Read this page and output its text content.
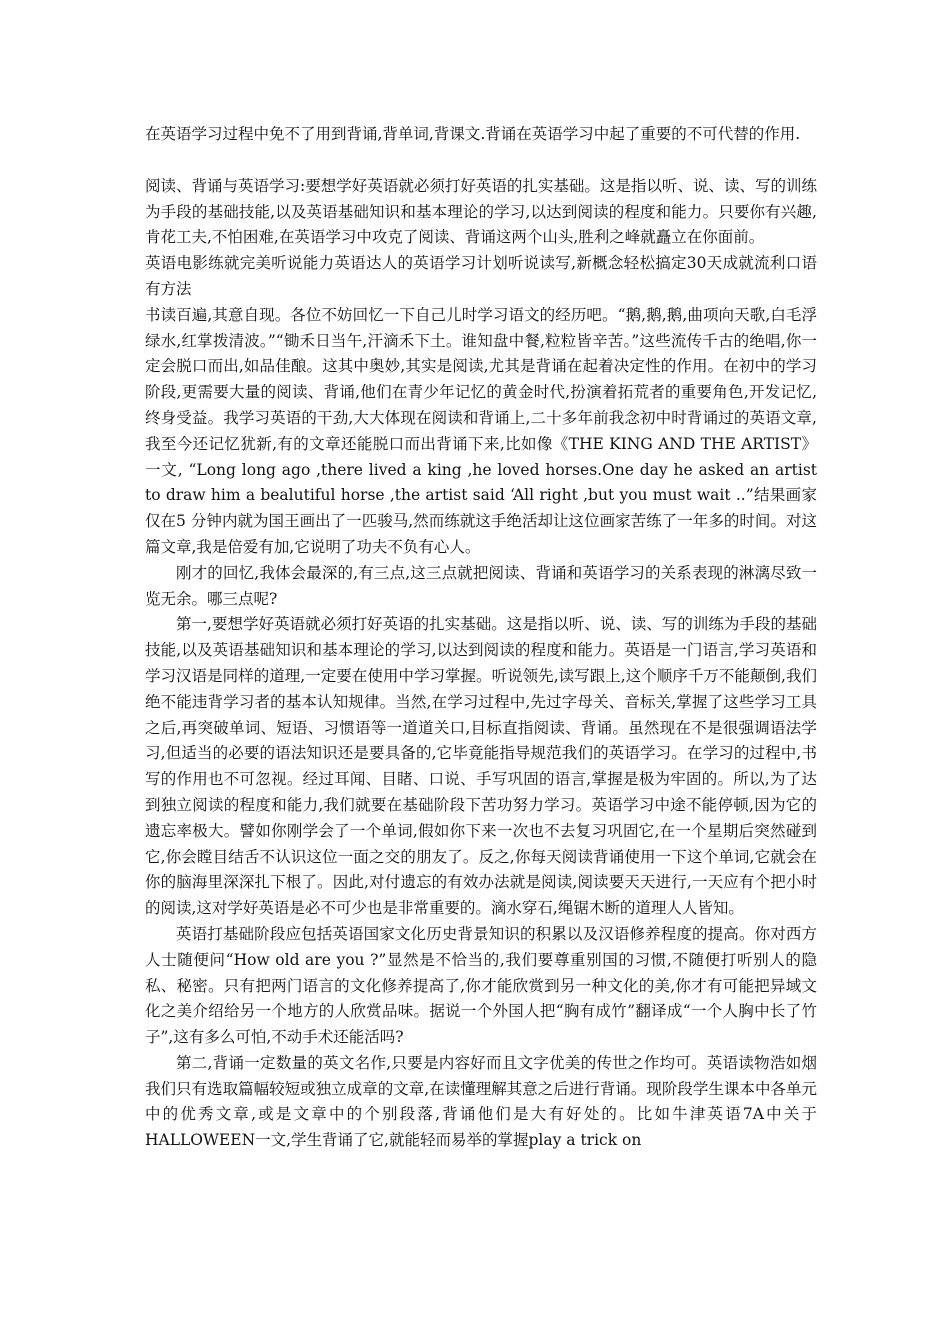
在英语学习过程中免不了用到背诵,背单词,背课文.背诵在英语学习中起了重要的不可代替的作用.

阅读、背诵与英语学习:要想学好英语就必须打好英语的扎实基础。这是指以听、说、读、写的训练为手段的基础技能,以及英语基础知识和基本理论的学习,以达到阅读的程度和能力。只要你有兴趣,肯花工夫,不怕困难,在英语学习中攻克了阅读、背诵这两个山头,胜利之峰就矗立在你面前。

英语电影练就完美听说能力英语达人的英语学习计划听说读写,新概念轻松搞定30天成就流利口语有方法

书读百遍,其意自现。各位不妨回忆一下自己儿时学习语文的经历吧。“鹅,鹅,鹅,曲项向天歌,白毛浮绿水,红掌拨清波。”“锄禾日当午,汗滴禾下土。谁知盘中餐,粒粒皆辛苦。”这些流传千古的绝唱,你一定会脱口而出,如品佳酿。这其中奥妙,其实是阅读,尤其是背诵在起着决定性的作用。在初中的学习阶段,更需要大量的阅读、背诵,他们在青少年记忆的黄金时代,扮演着拓荒者的重要角色,开发记忆,终身受益。我学习英语的干劲,大大体现在阅读和背诵上,二十多年前我念初中时背诵过的英语文章,我至今还记忆犹新,有的文章还能脱口而出背诵下来,比如像《THE KING AND THE ARTIST》一文, “Long long ago ,there lived a king ,he loved horses.One day he asked an artist to draw him a bealutiful horse ,the artist said ‘All right ,but you must wait ..”结果画家仅在5 分钟内就为国王画出了一匹骏马,然而练就这手绝活却让这位画家苦练了一年多的时间。对这篇文章,我是倍爱有加,它说明了功夫不负有心人。

刚才的回忆,我体会最深的,有三点,这三点就把阅读、背诵和英语学习的关系表现的淋漓尽致一览无余。哪三点呢?

第一,要想学好英语就必须打好英语的扎实基础。这是指以听、说、读、写的训练为手段的基础技能,以及英语基础知识和基本理论的学习,以达到阅读的程度和能力。英语是一门语言,学习英语和学习汉语是同样的道理,一定要在使用中学习掌握。听说领先,读写跟上,这个顺序千万不能颠倒,我们绝不能违背学习者的基本认知规律。当然,在学习过程中,先过字母关、音标关,掌握了这些学习工具之后,再突破单词、短语、习惯语等一道道关口,目标直指阅读、背诵。虽然现在不是很强调语法学习,但适当的必要的语法知识还是要具备的,它毕竟能指导规范我们的英语学习。在学习的过程中,书写的作用也不可忽视。经过耳闻、目睹、口说、手写巩固的语言,掌握是极为牢固的。所以,为了达到独立阅读的程度和能力,我们就要在基础阶段下苦功努力学习。英语学习中途不能停顿,因为它的遗忘率极大。譬如你刚学会了一个单词,假如你下来一次也不去复习巩固它,在一个星期后突然碰到它,你会瞠目结舌不认识这位一面之交的朋友了。反之,你每天阅读背诵使用一下这个单词,它就会在你的脑海里深深扎下根了。因此,对付遗忘的有效办法就是阅读,阅读要天天进行,一天应有个把小时的阅读,这对学好英语是必不可少也是非常重要的。滴水穿石,绳锯木断的道理人人皆知。

英语打基础阶段应包括英语国家文化历史背景知识的积累以及汉语修养程度的提高。你对西方人士随便问“How old are you ?”显然是不恰当的,我们要尊重别国的习惯,不随便打听别人的隐私、秘密。只有把两门语言的文化修养提高了,你才能欣赏到另一种文化的美,你才有可能把异域文化之美介绍给另一个地方的人欣赏品味。据说一个外国人把“胸有成竹”翻译成“一个人胸中长了竹子”,这有多么可怕,不动手术还能活吗?

第二,背诵一定数量的英文名作,只要是内容好而且文字优美的传世之作均可。英语读物浩如烟我们只有选取篇幅较短或独立成章的文章,在读懂理解其意之后进行背诵。现阶段学生课本中各单元中的优秀文章,或是文章中的个别段落,背诵他们是大有好处的。比如牛津英语7A中关于HALLOWEEN一文,学生背诵了它,就能轻而易举的掌握play a trick on
